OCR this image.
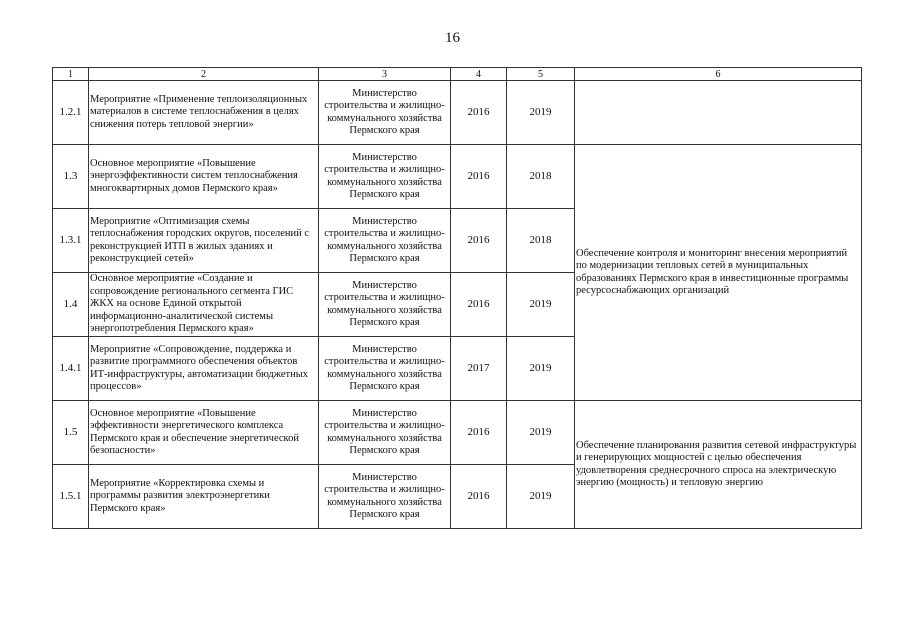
16
1	2	3	4	5	6
1.2.1	Мероприятие «Применение теплоизоляционных материалов в системе теплоснабжения в целях снижения потерь тепловой энергии»	Министерство строительства и жилищно-коммунального хозяйства Пермского края	2016	2019	
1.3	Основное мероприятие «Повышение энергоэффективности систем теплоснабжения многоквартирных домов Пермского края»	Министерство строительства и жилищно-коммунального хозяйства Пермского края	2016	2018	Обеспечение контроля и мониторинг внесения мероприятий по модернизации тепловых сетей в муниципальных образованиях Пермского края в инвестиционные программы ресурсоснабжающих организаций
1.3.1	Мероприятие «Оптимизация схемы теплоснабжения городских округов, поселений с реконструкцией ИТП в жилых зданиях и реконструкцией сетей»	Министерство строительства и жилищно-коммунального хозяйства Пермского края	2016	2018	
1.4	Основное мероприятие «Создание и сопровождение регионального сегмента ГИС ЖКХ на основе Единой открытой информационно-аналитической системы энергопотребления Пермского края»	Министерство строительства и жилищно-коммунального хозяйства Пермского края	2016	2019	
1.4.1	Мероприятие «Сопровождение, поддержка и развитие программного обеспечения объектов ИТ-инфраструктуры, автоматизации бюджетных процессов»	Министерство строительства и жилищно-коммунального хозяйства Пермского края	2017	2019	
1.5	Основное мероприятие «Повышение эффективности энергетического комплекса Пермского края и обеспечение энергетической безопасности»	Министерство строительства и жилищно-коммунального хозяйства Пермского края	2016	2019	Обеспечение планирования развития сетевой инфраструктуры и генерирующих мощностей с целью обеспечения удовлетворения среднесрочного спроса на электрическую энергию (мощность) и тепловую энергию
1.5.1	Мероприятие «Корректировка схемы и программы развития электроэнергетики Пермского края»	Министерство строительства и жилищно-коммунального хозяйства Пермского края	2016	2019	
